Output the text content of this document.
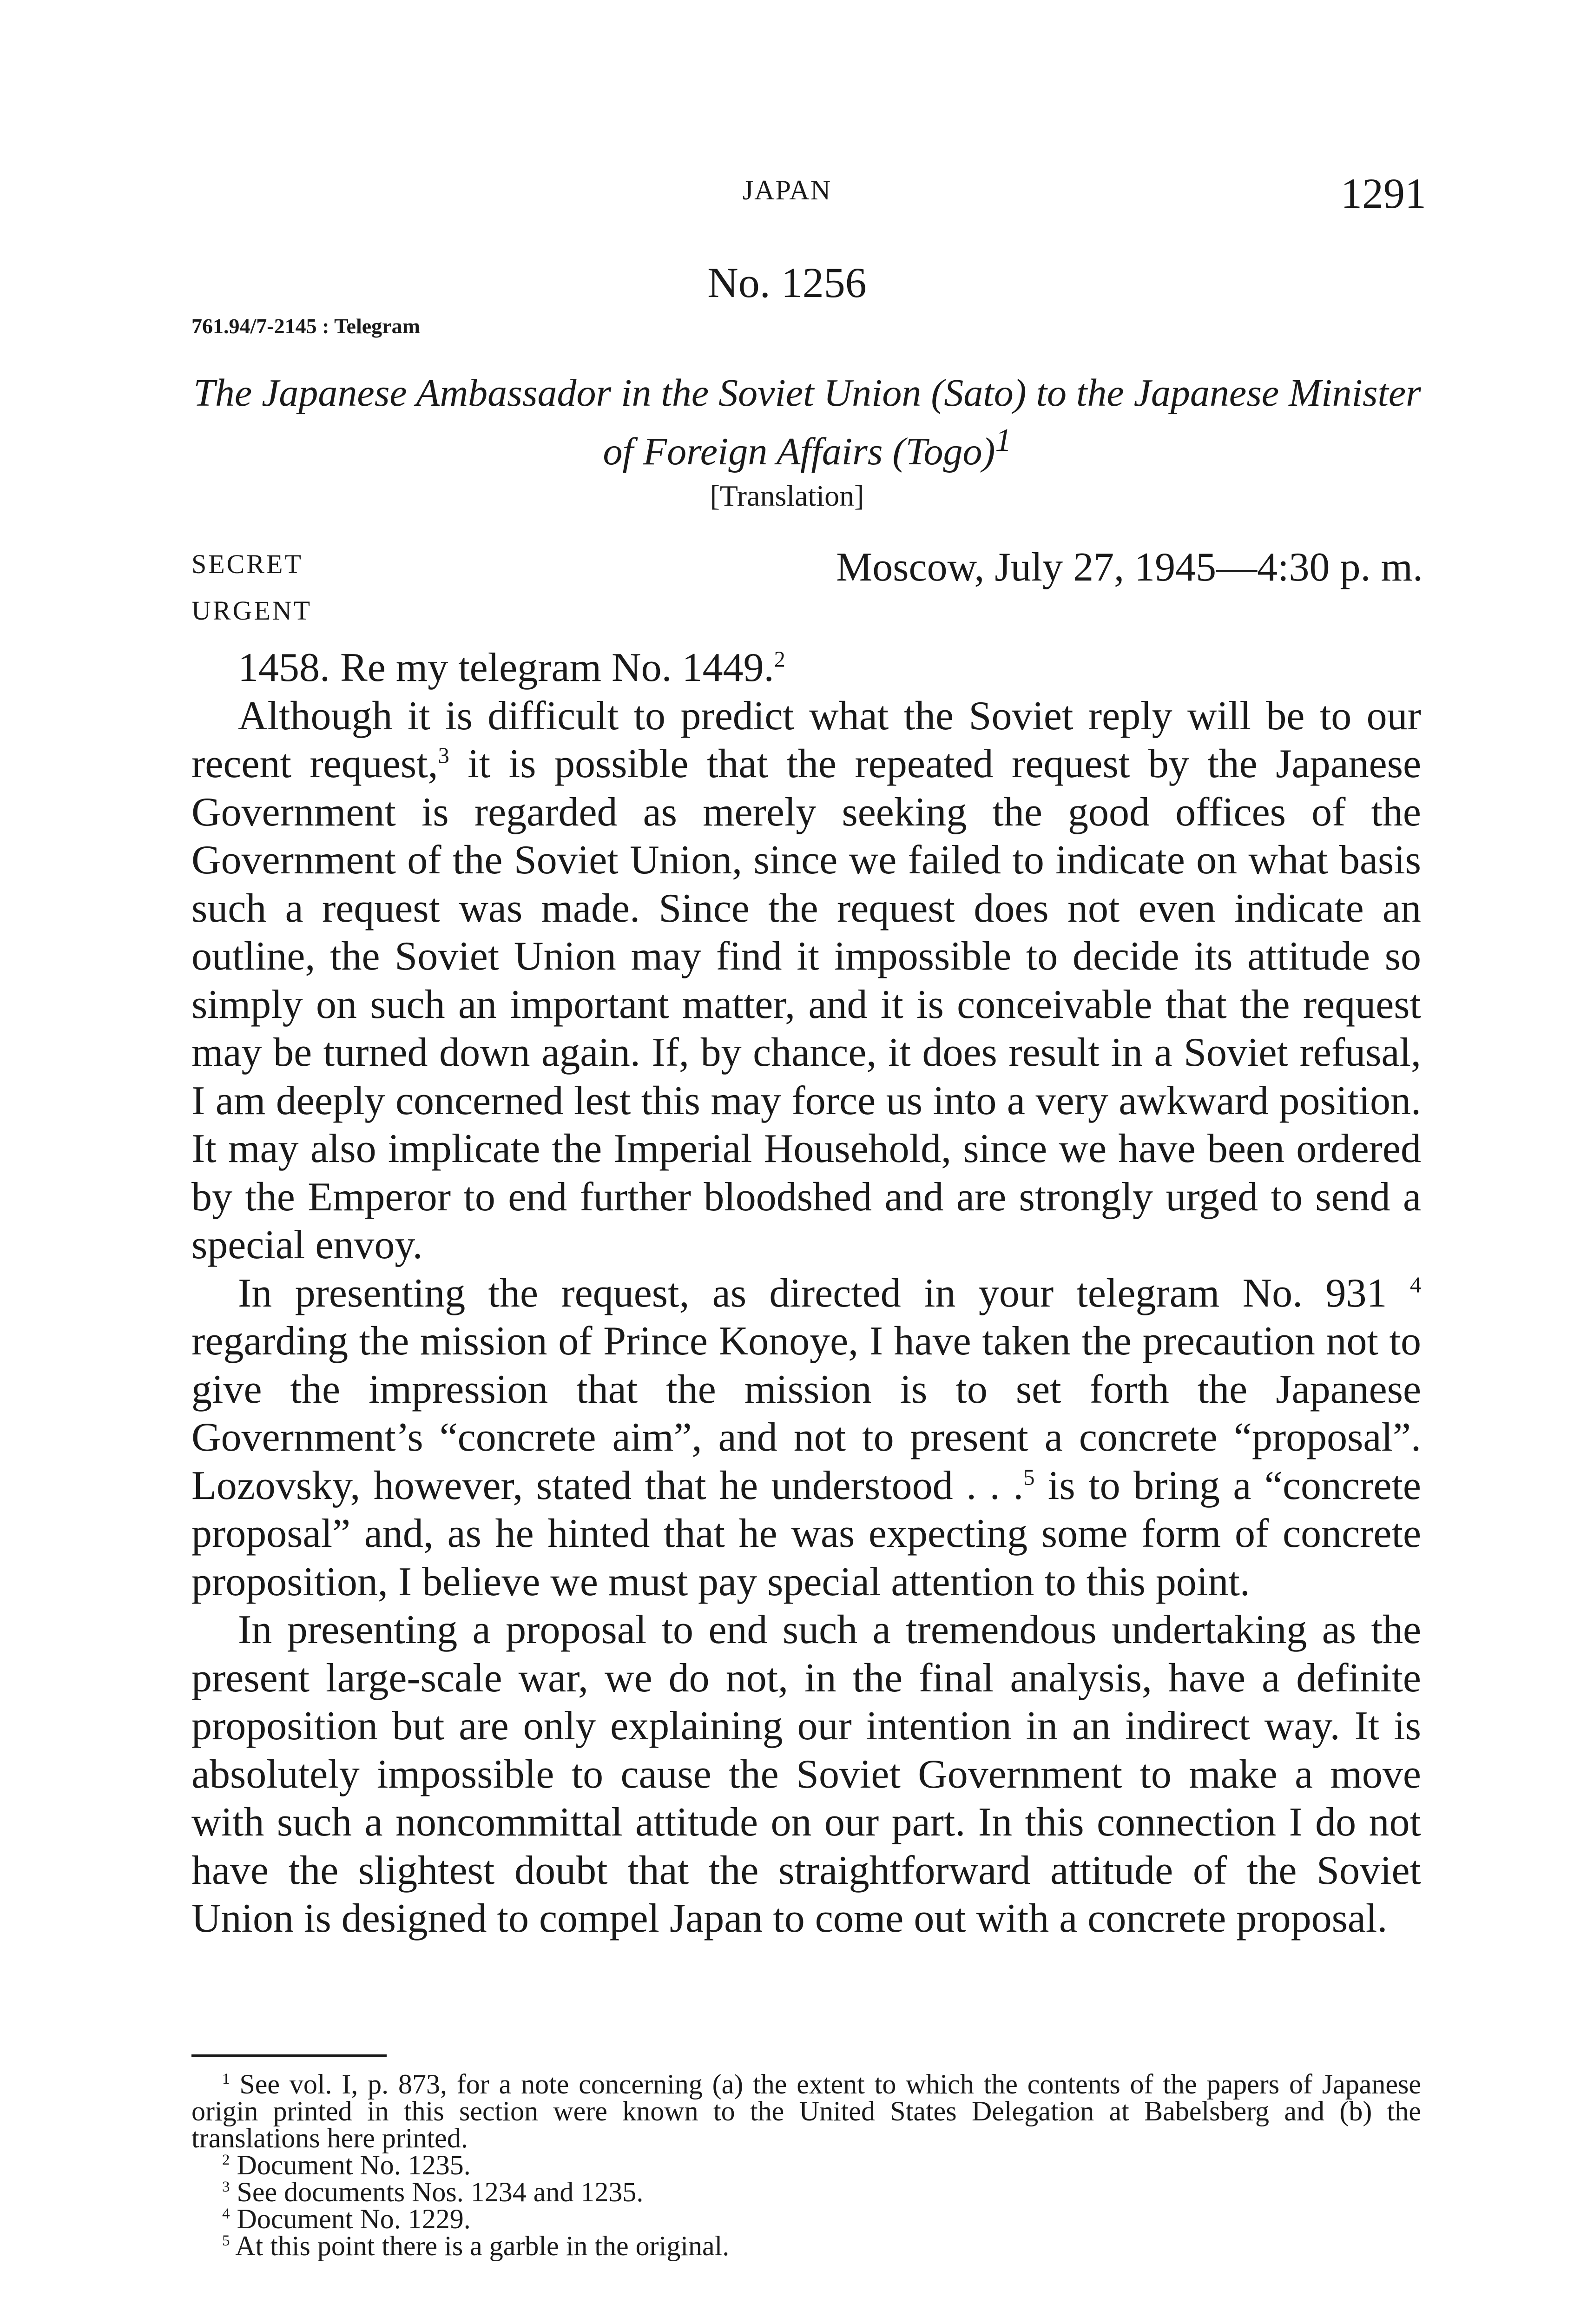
JAPAN	1291
No. 1256
761.94/7-2145 : Telegram
The Japanese Ambassador in the Soviet Union (Sato) to the Japanese Minister of Foreign Affairs (Togo)$^1$
[Translation]
SECRET
URGENT
Moscow, July 27, 1945—4:30 p. m.

1458. Re my telegram No. 1449.$^2$

Although it is difficult to predict what the Soviet reply will be to our recent request,$^3$ it is possible that the repeated request by the Japanese Government is regarded as merely seeking the good offices of the Government of the Soviet Union, since we failed to indicate on what basis such a request was made. Since the request does not even indicate an outline, the Soviet Union may find it impossible to decide its attitude so simply on such an important matter, and it is conceivable that the request may be turned down again. If, by chance, it does result in a Soviet refusal, I am deeply concerned lest this may force us into a very awkward position. It may also implicate the Imperial Household, since we have been ordered by the Emperor to end further bloodshed and are strongly urged to send a special envoy.

In presenting the request, as directed in your telegram No. 931 $^4$ regarding the mission of Prince Konoye, I have taken the precaution not to give the impression that the mission is to set forth the Japanese Government’s “concrete aim”, and not to present a concrete “proposal”. Lozovsky, however, stated that he understood . . .$^5$ is to bring a “concrete proposal” and, as he hinted that he was expecting some form of concrete proposition, I believe we must pay special attention to this point.

In presenting a proposal to end such a tremendous undertaking as the present large-scale war, we do not, in the final analysis, have a definite proposition but are only explaining our intention in an indirect way. It is absolutely impossible to cause the Soviet Government to make a move with such a noncommittal attitude on our part. In this connection I do not have the slightest doubt that the straightforward attitude of the Soviet Union is designed to compel Japan to come out with a concrete proposal.

$^1$ See vol. I, p. 873, for a note concerning (a) the extent to which the contents of the papers of Japanese origin printed in this section were known to the United States Delegation at Babelsberg and (b) the translations here printed.

$^2$ Document No. 1235.

$^3$ See documents Nos. 1234 and 1235.

$^4$ Document No. 1229.

$^5$ At this point there is a garble in the original.
